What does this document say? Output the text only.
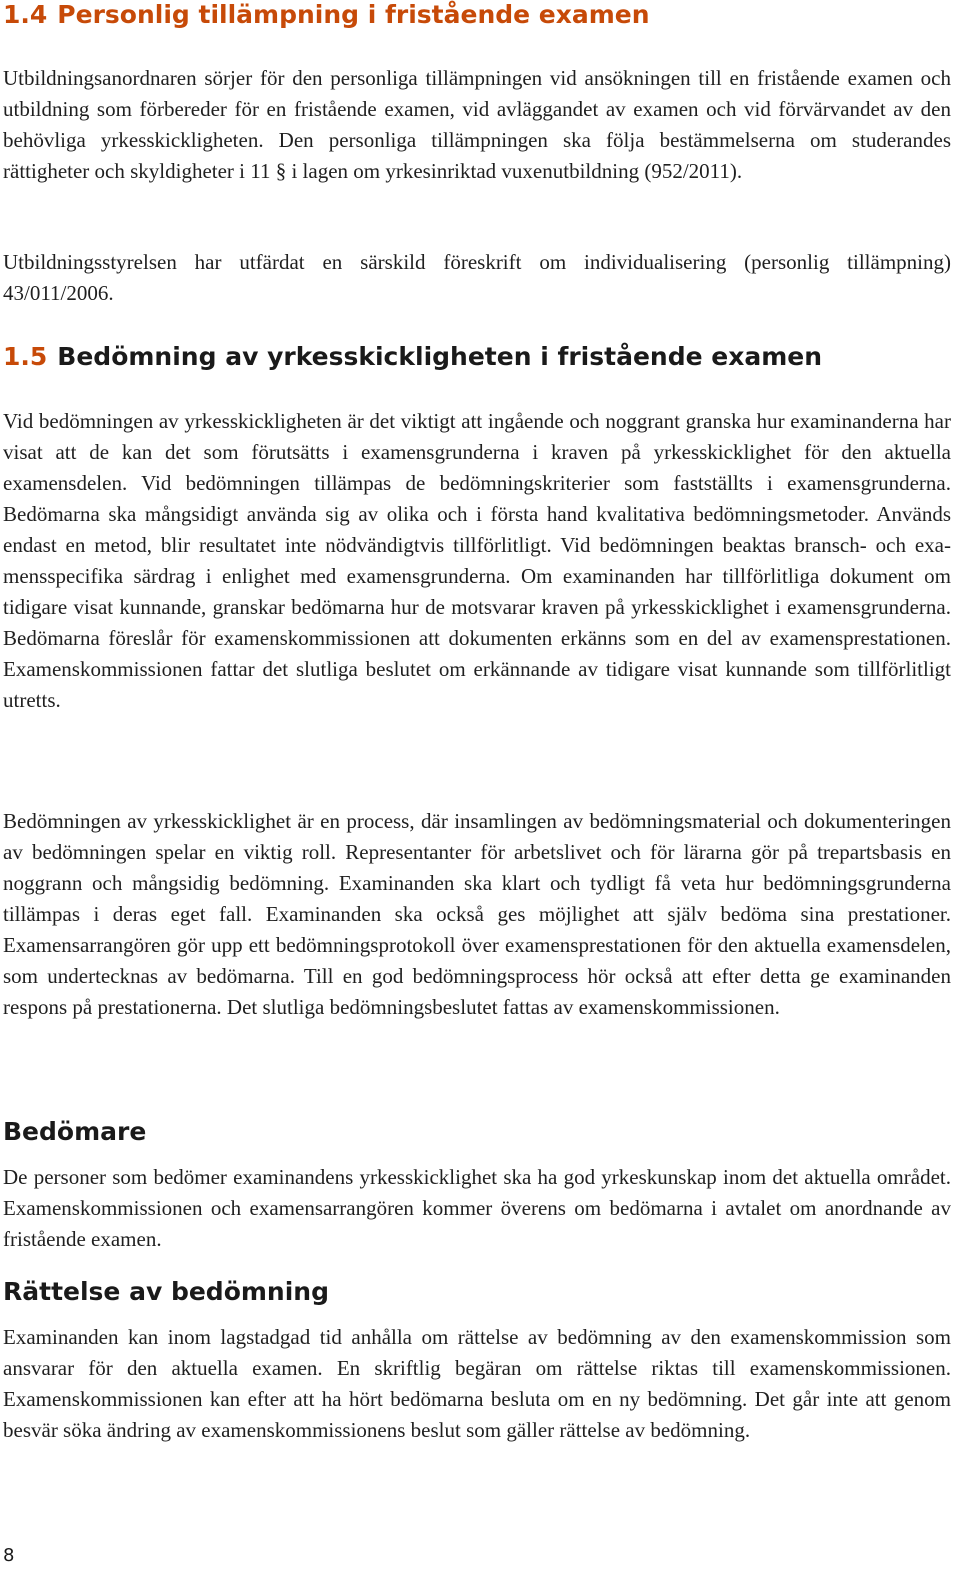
1.4 Personlig tillämpning i fristående examen

Utbildningsanordnaren sörjer för den personliga tillämpningen vid ansökningen till en fristående examen och utbildning som förbereder för en fristående examen, vid avläggandet av examen och vid förvärvandet av den behövliga yrkesskickligheten. Den personliga tillämpningen ska följa bestämmelserna om studerandes rättigheter och skyldigheter i 11 § i lagen om yrkesinriktad vuxenutbildning (952/2011).

Utbildningsstyrelsen har utfärdat en särskild föreskrift om individualisering (personlig tillämpning) 43/011/2006.

1.5 Bedömning av yrkesskickligheten i fristående examen

Vid bedömningen av yrkesskickligheten är det viktigt att ingående och noggrant granska hur examinanderna har visat att de kan det som förutsätts i examensgrunderna i kraven på yrkesskicklighet för den aktuella examensdelen. Vid bedömningen tillämpas de bedömningskriterier som fastställts i examensgrunderna. Bedömarna ska mångsidigt använda sig av olika och i första hand kvalitativa bedömningsmetoder. Används endast en metod, blir resultatet inte nödvändigtvis tillförlitligt. Vid bedömningen beaktas bransch- och examensspecifika särdrag i enlighet med examensgrunderna. Om examinanden har tillförlitliga dokument om tidigare visat kunnande, granskar bedömarna hur de motsvarar kraven på yrkesskicklighet i examensgrunderna. Bedömarna föreslår för examenskommissionen att dokumenten erkänns som en del av examensprestationen. Examenskommissionen fattar det slutliga beslutet om erkännande av tidigare visat kunnande som tillförlitligt utretts.

Bedömningen av yrkesskicklighet är en process, där insamlingen av bedömningsmaterial och dokumenteringen av bedömningen spelar en viktig roll. Representanter för arbetslivet och för lärarna gör på trepartsbasis en noggrann och mångsidig bedömning. Examinanden ska klart och tydligt få veta hur bedömningsgrunderna tillämpas i deras eget fall. Examinanden ska också ges möjlighet att själv bedöma sina prestationer. Examensarrangören gör upp ett bedömningsprotokoll över examensprestationen för den aktuella examensdelen, som undertecknas av bedömarna. Till en god bedömningsprocess hör också att efter detta ge examinanden respons på prestationerna. Det slutliga bedömningsbeslutet fattas av examenskommissionen.

Bedömare

De personer som bedömer examinandens yrkesskicklighet ska ha god yrkeskunskap inom det aktuella området. Examenskommissionen och examensarrangören kommer överens om bedömarna i avtalet om anordnande av fristående examen.

Rättelse av bedömning

Examinanden kan inom lagstadgad tid anhålla om rättelse av bedömning av den examenskommission som ansvarar för den aktuella examen. En skriftlig begäran om rättelse riktas till examenskommissionen. Examenskommissionen kan efter att ha hört bedömarna besluta om en ny bedömning. Det går inte att genom besvär söka ändring av examenskommissionens beslut som gäller rättelse av bedömning.

8
